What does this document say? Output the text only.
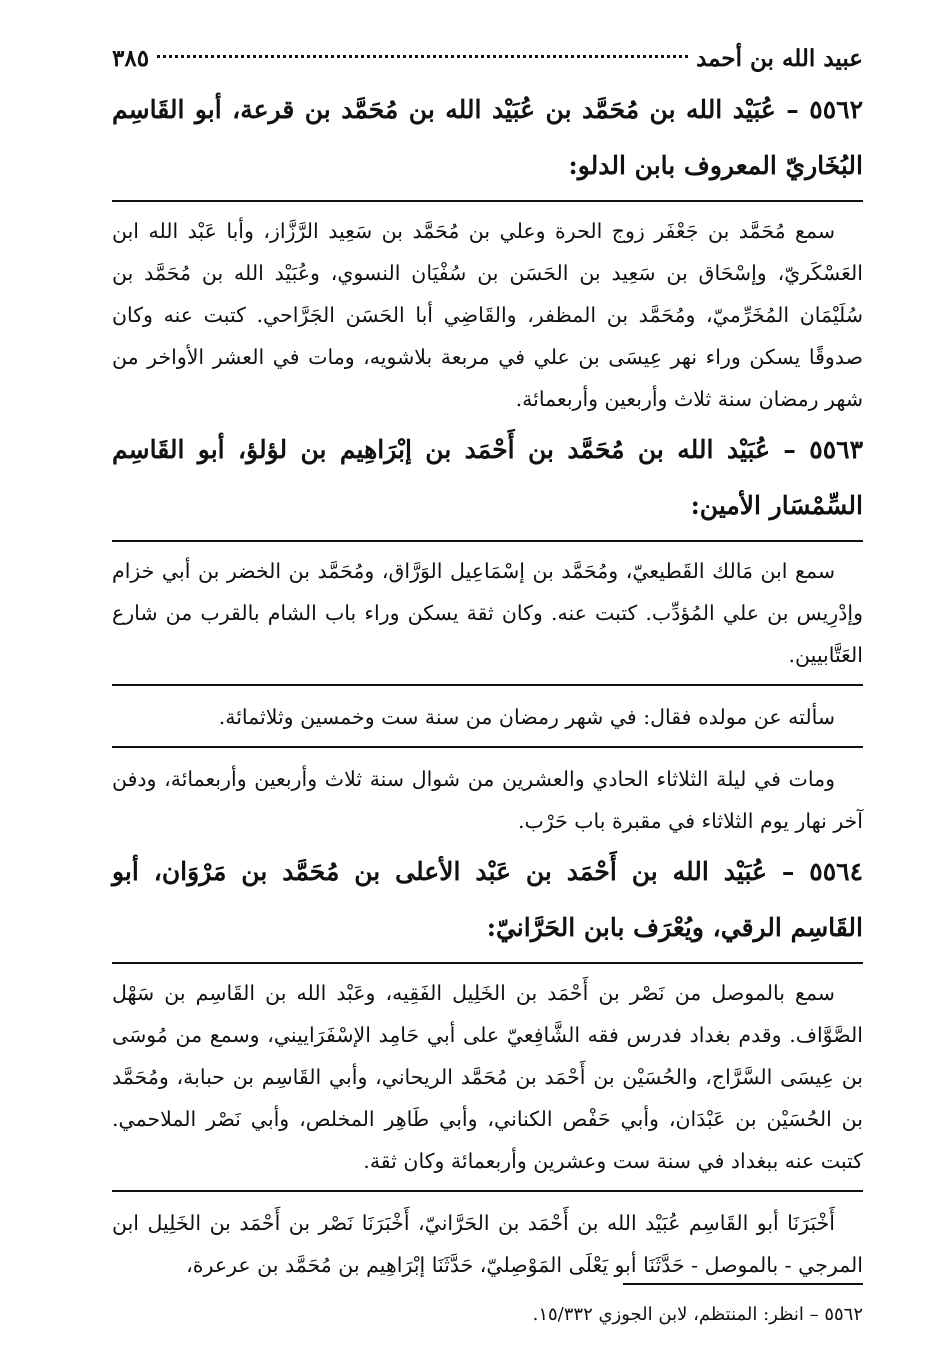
عبيد الله بن أحمد
٣٨٥

٥٥٦٢ – عُبَيْد الله بن مُحَمَّد بن عُبَيْد الله بن مُحَمَّد بن قرعة، أبو القَاسِم البُخَاريّ المعروف بابن الدلو:

سمع مُحَمَّد بن جَعْفَر زوج الحرة وعلي بن مُحَمَّد بن سَعِيد الرَّزَّاز، وأبا عَبْد الله ابن العَسْكَريّ، وإسْحَاق بن سَعِيد بن الحَسَن بن سُفْيَان النسوي، وعُبَيْد الله بن مُحَمَّد بن سُلَيْمَان المُخَرِّميّ، ومُحَمَّد بن المظفر، والقَاضِي أبا الحَسَن الجَرَّاحي. كتبت عنه وكان صدوقًا يسكن وراء نهر عِيسَى بن علي في مربعة بلاشويه، ومات في العشر الأواخر من شهر رمضان سنة ثلاث وأربعين وأربعمائة.

٥٥٦٣ – عُبَيْد الله بن مُحَمَّد بن أَحْمَد بن إبْرَاهِيم بن لؤلؤ، أبو القَاسِم السِّمْسَار الأمين:

سمع ابن مَالك القَطيعيّ، ومُحَمَّد بن إسْمَاعِيل الوَرَّاق، ومُحَمَّد بن الخضر بن أبي خزام وإدْرِيس بن علي المُؤدِّب. كتبت عنه. وكان ثقة يسكن وراء باب الشام بالقرب من شارع العَتَّابيين.

سألته عن مولده فقال: في شهر رمضان من سنة ست وخمسين وثلاثمائة.

ومات في ليلة الثلاثاء الحادي والعشرين من شوال سنة ثلاث وأربعين وأربعمائة، ودفن آخر نهار يوم الثلاثاء في مقبرة باب حَرْب.

٥٥٦٤ – عُبَيْد الله بن أَحْمَد بن عَبْد الأعلى بن مُحَمَّد بن مَرْوَان، أبو القَاسِم الرقي، ويُعْرَف بابن الحَرَّانيّ:

سمع بالموصل من نَصْر بن أَحْمَد بن الخَلِيل الفَقِيه، وعَبْد الله بن القَاسِم بن سَهْل الصَّوَّاف. وقدم بغداد فدرس فقه الشَّافِعيّ على أبي حَامِد الإسْفَرَاييني، وسمع من مُوسَى بن عِيسَى السَّرَّاج، والحُسَيْن بن أَحْمَد بن مُحَمَّد الريحاني، وأبي القَاسِم بن حبابة، ومُحَمَّد بن الحُسَيْن بن عَبْدَان، وأبي حَفْص الكناني، وأبي طَاهِر المخلص، وأبي نَصْر الملاحمي. كتبت عنه ببغداد في سنة ست وعشرين وأربعمائة وكان ثقة.

أَخْبَرَنَا أبو القَاسِم عُبَيْد الله بن أَحْمَد بن الحَرَّانيّ، أَخْبَرَنَا نَصْر بن أَحْمَد بن الخَلِيل ابن المرجي - بالموصل - حَدَّثَنَا أبو يَعْلَى المَوْصِليّ، حَدَّثَنَا إبْرَاهِيم بن مُحَمَّد بن عرعرة،

٥٥٦٢ – انظر: المنتظم، لابن الجوزي ١٥/٣٣٢.
